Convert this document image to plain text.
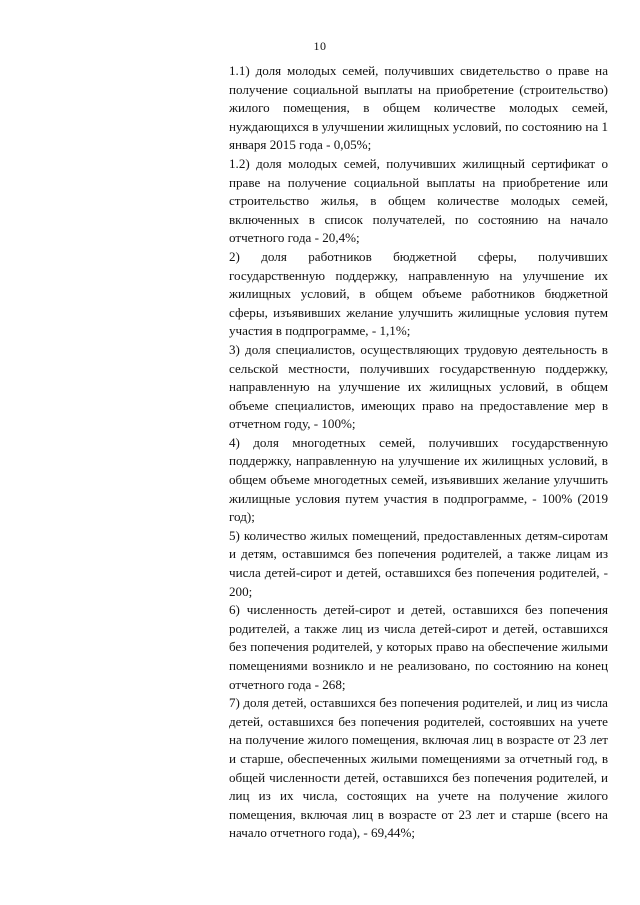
10

1.1) доля молодых семей, получивших свидетельство о праве на получение социальной выплаты на приобретение (строительство) жилого помещения, в общем количестве молодых семей, нуждающихся в улучшении жилищных условий, по состоянию на 1 января 2015 года - 0,05%;

1.2) доля молодых семей, получивших жилищный сертификат о праве на получение социальной выплаты на приобретение или строительство жилья, в общем количестве молодых семей, включенных в список получателей, по состоянию на начало отчетного года - 20,4%;

2) доля работников бюджетной сферы, получивших государственную поддержку, направленную на улучшение их жилищных условий, в общем объеме работников бюджетной сферы, изъявивших желание улучшить жилищные условия путем участия в подпрограмме, - 1,1%;

3) доля специалистов, осуществляющих трудовую деятельность в сельской местности, получивших государственную поддержку, направленную на улучшение их жилищных условий, в общем объеме специалистов, имеющих право на предоставление мер в отчетном году, - 100%;

4) доля многодетных семей, получивших государственную поддержку, направленную на улучшение их жилищных условий, в общем объеме многодетных семей, изъявивших желание улучшить жилищные условия путем участия в подпрограмме, - 100% (2019 год);

5) количество жилых помещений, предоставленных детям-сиротам и детям, оставшимся без попечения родителей, а также лицам из числа детей-сирот и детей, оставшихся без попечения родителей, - 200;

6) численность детей-сирот и детей, оставшихся без попечения родителей, а также лиц из числа детей-сирот и детей, оставшихся без попечения родителей, у которых право на обеспечение жилыми помещениями возникло и не реализовано, по состоянию на конец отчетного года - 268;

7) доля детей, оставшихся без попечения родителей, и лиц из числа детей, оставшихся без попечения родителей, состоявших на учете на получение жилого помещения, включая лиц в возрасте от 23 лет и старше, обеспеченных жилыми помещениями за отчетный год, в общей численности детей, оставшихся без попечения родителей, и лиц из их числа, состоящих на учете на получение жилого помещения, включая лиц в возрасте от 23 лет и старше (всего на начало отчетного года), - 69,44%;
